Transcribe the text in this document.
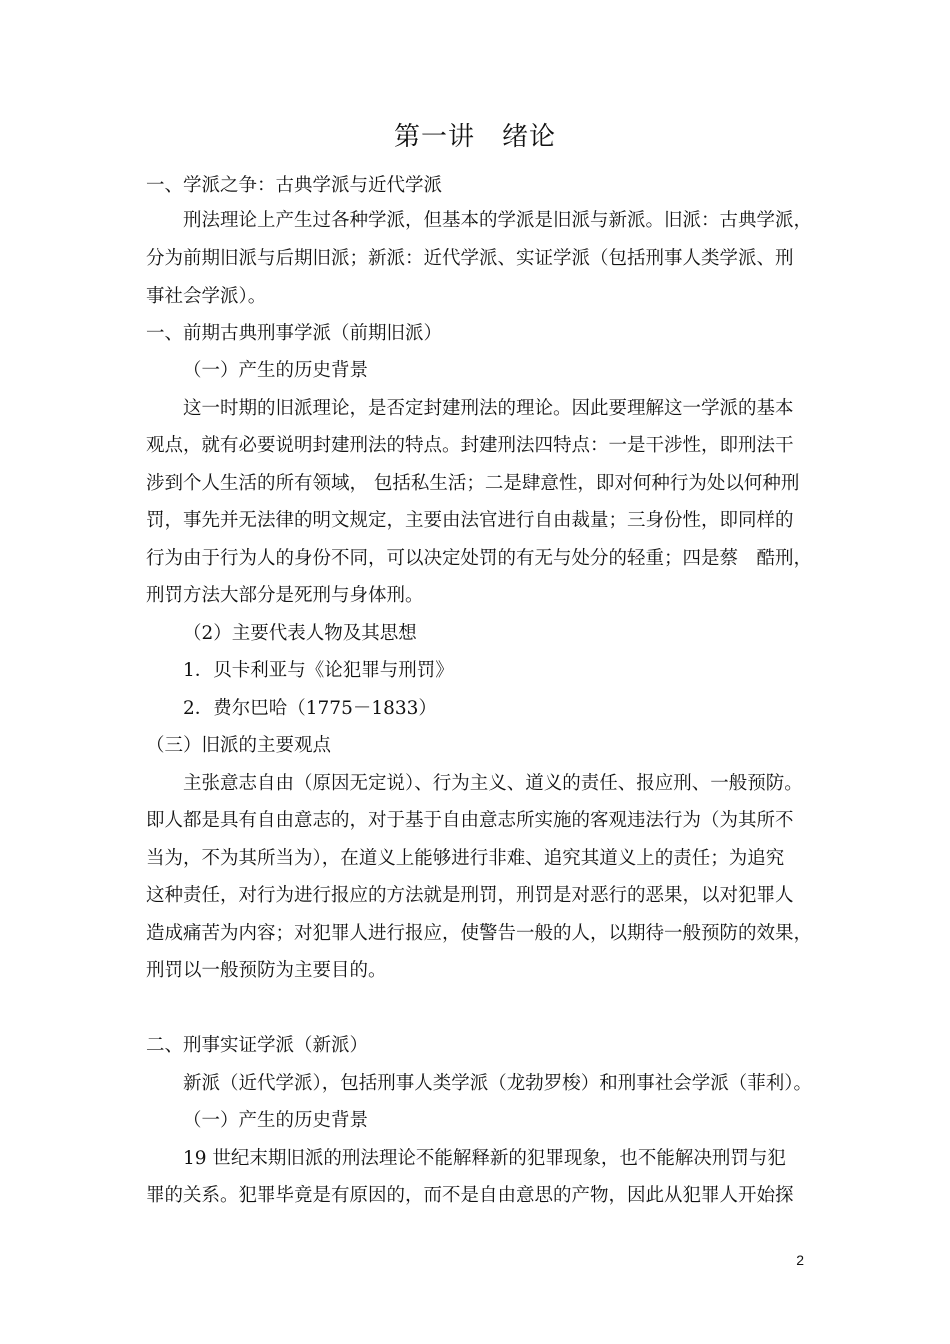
第一讲　绪论
一、学派之争：古典学派与近代学派
刑法理论上产生过各种学派，但基本的学派是旧派与新派。旧派：古典学派，
分为前期旧派与后期旧派；新派：近代学派、实证学派（包括刑事人类学派、刑
事社会学派）。
一、前期古典刑事学派（前期旧派）
（一）产生的历史背景
这一时期的旧派理论，是否定封建刑法的理论。因此要理解这一学派的基本
观点，就有必要说明封建刑法的特点。封建刑法四特点：一是干涉性，即刑法干
涉到个人生活的所有领域， 包括私生活；二是肆意性，即对何种行为处以何种刑
罚，事先并无法律的明文规定，主要由法官进行自由裁量；三身份性，即同样的
行为由于行为人的身份不同，可以决定处罚的有无与处分的轻重；四是蔡　酷刑，
刑罚方法大部分是死刑与身体刑。
（2）主要代表人物及其思想
1．贝卡利亚与《论犯罪与刑罚》
2．费尔巴哈（1775－1833）
（三）旧派的主要观点
主张意志自由（原因无定说）、行为主义、道义的责任、报应刑、一般预防。
即人都是具有自由意志的，对于基于自由意志所实施的客观违法行为（为其所不
当为，不为其所当为），在道义上能够进行非难、追究其道义上的责任；为追究
这种责任，对行为进行报应的方法就是刑罚，刑罚是对恶行的恶果，以对犯罪人
造成痛苦为内容；对犯罪人进行报应，使警告一般的人，以期待一般预防的效果，
刑罚以一般预防为主要目的。
二、刑事实证学派（新派）
新派（近代学派），包括刑事人类学派（龙勃罗梭）和刑事社会学派（菲利）。
（一）产生的历史背景
19 世纪末期旧派的刑法理论不能解释新的犯罪现象，也不能解决刑罚与犯
罪的关系。犯罪毕竟是有原因的，而不是自由意思的产物，因此从犯罪人开始探
2
